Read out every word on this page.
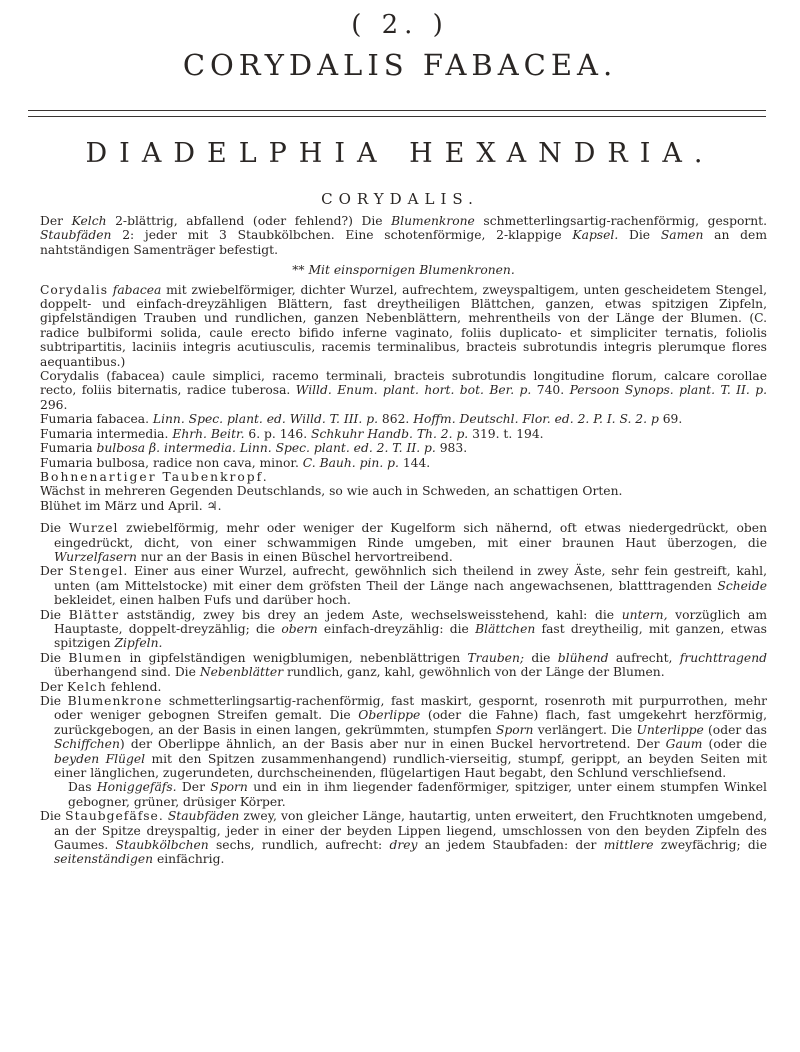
( 2. )
CORYDALIS FABACEA.
DIADELPHIA HEXANDRIA.
CORYDALIS.

Der Kelch 2-blättrig, abfallend (oder fehlend?) Die Blumenkrone schmetterlingsartig-rachenförmig, gespornt. Staubfäden 2: jeder mit 3 Staubkölbchen. Eine schotenförmige, 2-klappige Kapsel. Die Samen an dem nahtständigen Samenträger befestigt.

** Mit einspornigen Blumenkronen.

Corydalis fabacea mit zwiebelförmiger, dichter Wurzel, aufrechtem, zweyspaltigem, unten gescheidetem Stengel, doppelt- und einfach-dreyzähligen Blättern, fast dreytheiligen Blättchen, ganzen, etwas spitzigen Zipfeln, gipfelständigen Trauben und rundlichen, ganzen Nebenblättern, mehrentheils von der Länge der Blumen. (C. radice bulbiformi solida, caule erecto bifido inferne vaginato, foliis duplicato- et simpliciter ternatis, foliolis subtripartitis, laciniis integris acutiusculis, racemis terminalibus, bracteis subrotundis integris plerumque flores aequantibus.)

Corydalis (fabacea) caule simplici, racemo terminali, bracteis subrotundis longitudine florum, calcare corollae recto, foliis biternatis, radice tuberosa. Willd. Enum. plant. hort. bot. Ber. p. 740. Persoon Synops. plant. T. II. p. 296.

Fumaria fabacea. Linn. Spec. plant. ed. Willd. T. III. p. 862. Hoffm. Deutschl. Flor. ed. 2. P. I. S. 2. p 69.

Fumaria intermedia. Ehrh. Beitr. 6. p. 146. Schkuhr Handb. Th. 2. p. 319. t. 194.

Fumaria bulbosa β. intermedia. Linn. Spec. plant. ed. 2. T. II. p. 983.

Fumaria bulbosa, radice non cava, minor. C. Bauh. pin. p. 144.

Bohnenartiger Taubenkropf.

Wächst in mehreren Gegenden Deutschlands, so wie auch in Schweden, an schattigen Orten.

Blühet im März und April. ♃.

Die Wurzel zwiebelförmig, mehr oder weniger der Kugelform sich nähernd, oft etwas niedergedrückt, oben eingedrückt, dicht, von einer schwammigen Rinde umgeben, mit einer braunen Haut überzogen, die Wurzelfasern nur an der Basis in einen Büschel hervortreibend.

Der Stengel. Einer aus einer Wurzel, aufrecht, gewöhnlich sich theilend in zwey Äste, sehr fein gestreift, kahl, unten (am Mittelstocke) mit einer dem gröfsten Theil der Länge nach angewachsenen, blatttragenden Scheide bekleidet, einen halben Fufs und darüber hoch.

Die Blätter astständig, zwey bis drey an jedem Aste, wechselsweisstehend, kahl: die untern, vorzüglich am Hauptaste, doppelt-dreyzählig; die obern einfach-dreyzählig: die Blättchen fast dreytheilig, mit ganzen, etwas spitzigen Zipfeln.

Die Blumen in gipfelständigen wenigblumigen, nebenblättrigen Trauben; die blühend aufrecht, fruchttragend überhangend sind. Die Nebenblätter rundlich, ganz, kahl, gewöhnlich von der Länge der Blumen.

Der Kelch fehlend.

Die Blumenkrone schmetterlingsartig-rachenförmig, fast maskirt, gespornt, rosenroth mit purpurrothen, mehr oder weniger gebognen Streifen gemalt. Die Oberlippe (oder die Fahne) flach, fast umgekehrt herzförmig, zurückgebogen, an der Basis in einen langen, gekrümmten, stumpfen Sporn verlängert. Die Unterlippe (oder das Schiffchen) der Oberlippe ähnlich, an der Basis aber nur in einen Buckel hervortretend. Der Gaum (oder die beyden Flügel mit den Spitzen zusammenhangend) rundlich-vierseitig, stumpf, gerippt, an beyden Seiten mit einer länglichen, zugerundeten, durchscheinenden, flügelartigen Haut begabt, den Schlund verschliefsend.

Das Honiggefäfs. Der Sporn und ein in ihm liegender fadenförmiger, spitziger, unter einem stumpfen Winkel gebogner, grüner, drüsiger Körper.

Die Staubgefäfse. Staubfäden zwey, von gleicher Länge, hautartig, unten erweitert, den Fruchtknoten umgebend, an der Spitze dreyspaltig, jeder in einer der beyden Lippen liegend, umschlossen von den beyden Zipfeln des Gaumes. Staubkölbchen sechs, rundlich, aufrecht: drey an jedem Staubfaden: der mittlere zweyfächrig; die seitenständigen einfächrig.
